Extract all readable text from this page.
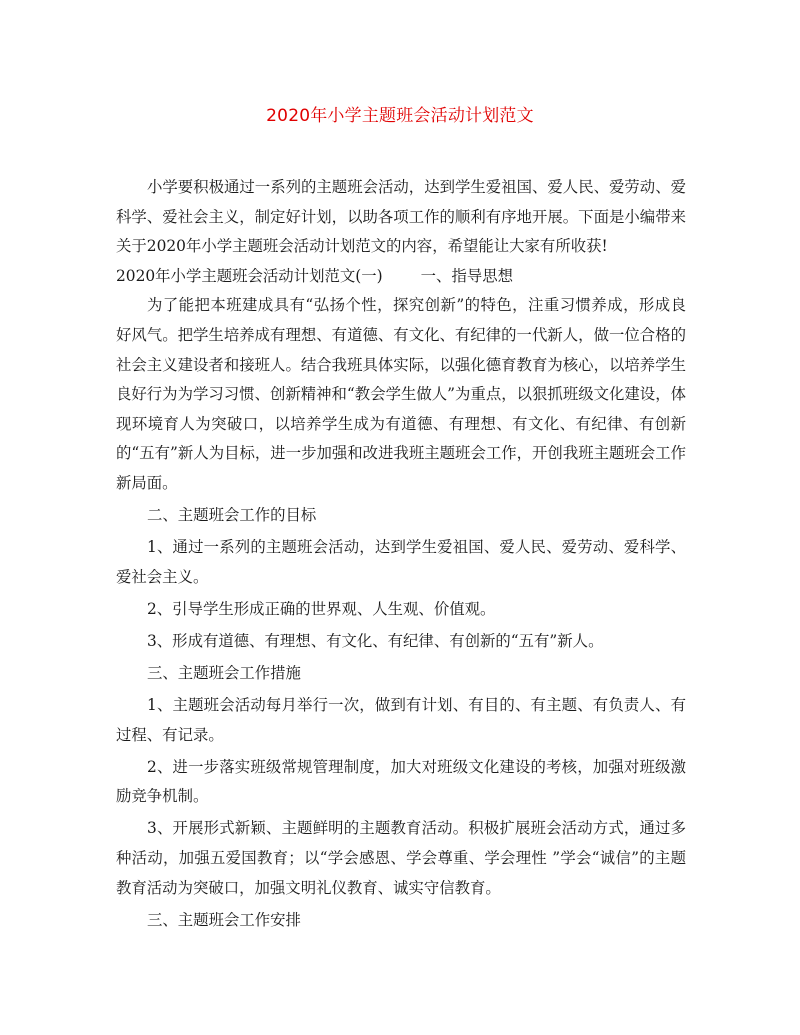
2020年小学主题班会活动计划范文

小学要积极通过一系列的主题班会活动，达到学生爱祖国、爱人民、爱劳动、爱科学、爱社会主义，制定好计划，以助各项工作的顺利有序地开展。下面是小编带来关于2020年小学主题班会活动计划范文的内容，希望能让大家有所收获!

2020年小学主题班会活动计划范文(一) 一、指导思想

为了能把本班建成具有“弘扬个性，探究创新”的特色，注重习惯养成，形成良好风气。把学生培养成有理想、有道德、有文化、有纪律的一代新人，做一位合格的社会主义建设者和接班人。结合我班具体实际，以强化德育教育为核心，以培养学生良好行为为学习习惯、创新精神和“教会学生做人”为重点，以狠抓班级文化建设，体现环境育人为突破口，以培养学生成为有道德、有理想、有文化、有纪律、有创新的“五有”新人为目标，进一步加强和改进我班主题班会工作，开创我班主题班会工作新局面。

二、主题班会工作的目标

1、通过一系列的主题班会活动，达到学生爱祖国、爱人民、爱劳动、爱科学、爱社会主义。

2、引导学生形成正确的世界观、人生观、价值观。

3、形成有道德、有理想、有文化、有纪律、有创新的“五有”新人。

三、主题班会工作措施

1、主题班会活动每月举行一次，做到有计划、有目的、有主题、有负责人、有过程、有记录。

2、进一步落实班级常规管理制度，加大对班级文化建设的考核，加强对班级激励竞争机制。

3、开展形式新颖、主题鲜明的主题教育活动。积极扩展班会活动方式，通过多种活动，加强五爱国教育；以“学会感恩、学会尊重、学会理性 ”学会“诚信”的主题教育活动为突破口，加强文明礼仪教育、诚实守信教育。

三、主题班会工作安排
